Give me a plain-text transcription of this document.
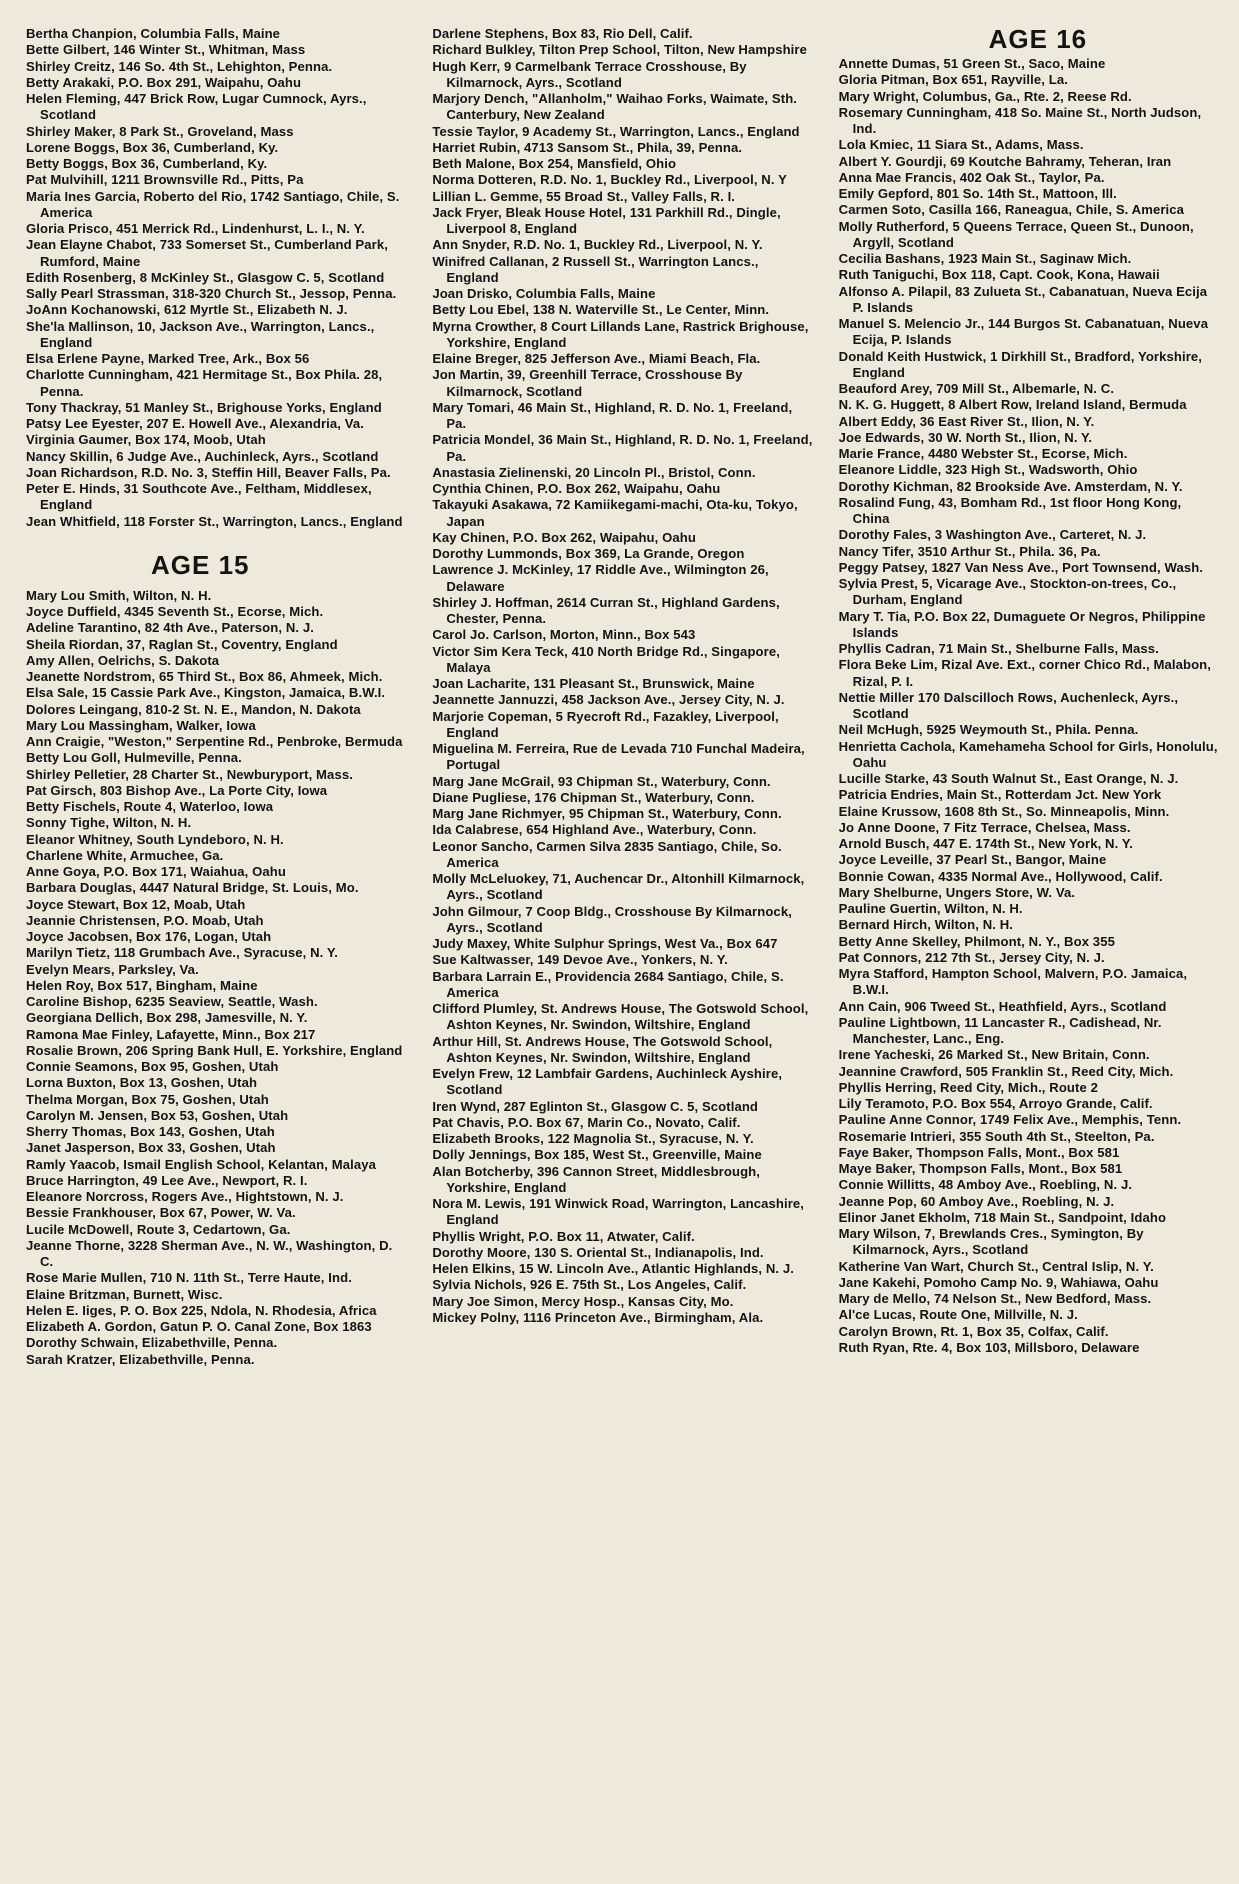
Bertha Chanpion, Columbia Falls, Maine

Bette Gilbert, 146 Winter St., Whitman, Mass

Shirley Creitz, 146 So. 4th St., Lehighton, Penna.

Betty Arakaki, P.O. Box 291, Waipahu, Oahu

Helen Fleming, 447 Brick Row, Lugar Cumnock, Ayrs., Scotland

Shirley Maker, 8 Park St., Groveland, Mass

Lorene Boggs, Box 36, Cumberland, Ky.

Betty Boggs, Box 36, Cumberland, Ky.

Pat Mulvihill, 1211 Brownsville Rd., Pitts, Pa

Maria Ines Garcia, Roberto del Rio, 1742 Santiago, Chile, S. America

Gloria Prisco, 451 Merrick Rd., Lindenhurst, L. I., N. Y.

Jean Elayne Chabot, 733 Somerset St., Cumberland Park, Rumford, Maine

Edith Rosenberg, 8 McKinley St., Glasgow C. 5, Scotland

Sally Pearl Strassman, 318-320 Church St., Jessop, Penna.

JoAnn Kochanowski, 612 Myrtle St., Elizabeth N. J.

She'la Mallinson, 10, Jackson Ave., Warrington, Lancs., England

Elsa Erlene Payne, Marked Tree, Ark., Box 56

Charlotte Cunningham, 421 Hermitage St., Box Phila. 28, Penna.

Tony Thackray, 51 Manley St., Brighouse Yorks, England

Patsy Lee Eyester, 207 E. Howell Ave., Alexandria, Va.

Virginia Gaumer, Box 174, Moob, Utah

Nancy Skillin, 6 Judge Ave., Auchinleck, Ayrs., Scotland

Joan Richardson, R.D. No. 3, Steffin Hill, Beaver Falls, Pa.

Peter E. Hinds, 31 Southcote Ave., Feltham, Middlesex, England

Jean Whitfield, 118 Forster St., Warrington, Lancs., England

AGE 15

Mary Lou Smith, Wilton, N. H.

Joyce Duffield, 4345 Seventh St., Ecorse, Mich.

Adeline Tarantino, 82 4th Ave., Paterson, N. J.

Sheila Riordan, 37, Raglan St., Coventry, England

Amy Allen, Oelrichs, S. Dakota

Jeanette Nordstrom, 65 Third St., Box 86, Ahmeek, Mich.

Elsa Sale, 15 Cassie Park Ave., Kingston, Jamaica, B.W.I.

Dolores Leingang, 810-2 St. N. E., Mandon, N. Dakota

Mary Lou Massingham, Walker, Iowa

Ann Craigie, "Weston," Serpentine Rd., Penbroke, Bermuda

Betty Lou Goll, Hulmeville, Penna.

Shirley Pelletier, 28 Charter St., Newburyport, Mass.

Pat Girsch, 803 Bishop Ave., La Porte City, Iowa

Betty Fischels, Route 4, Waterloo, Iowa

Sonny Tighe, Wilton, N. H.

Eleanor Whitney, South Lyndeboro, N. H.

Charlene White, Armuchee, Ga.

Anne Goya, P.O. Box 171, Waiahua, Oahu

Barbara Douglas, 4447 Natural Bridge, St. Louis, Mo.

Joyce Stewart, Box 12, Moab, Utah

Jeannie Christensen, P.O. Moab, Utah

Joyce Jacobsen, Box 176, Logan, Utah

Marilyn Tietz, 118 Grumbach Ave., Syracuse, N. Y.

Evelyn Mears, Parksley, Va.

Helen Roy, Box 517, Bingham, Maine

Caroline Bishop, 6235 Seaview, Seattle, Wash.

Georgiana Dellich, Box 298, Jamesville, N. Y.

Ramona Mae Finley, Lafayette, Minn., Box 217

Rosalie Brown, 206 Spring Bank Hull, E. Yorkshire, England

Connie Seamons, Box 95, Goshen, Utah

Lorna Buxton, Box 13, Goshen, Utah

Thelma Morgan, Box 75, Goshen, Utah

Carolyn M. Jensen, Box 53, Goshen, Utah

Sherry Thomas, Box 143, Goshen, Utah

Janet Jasperson, Box 33, Goshen, Utah

Ramly Yaacob, Ismail English School, Kelantan, Malaya

Bruce Harrington, 49 Lee Ave., Newport, R. I.

Eleanore Norcross, Rogers Ave., Hightstown, N. J.

Bessie Frankhouser, Box 67, Power, W. Va.

Lucile McDowell, Route 3, Cedartown, Ga.

Jeanne Thorne, 3228 Sherman Ave., N. W., Washington, D. C.

Rose Marie Mullen, 710 N. 11th St., Terre Haute, Ind.

Elaine Britzman, Burnett, Wisc.

Helen E. Iiges, P. O. Box 225, Ndola, N. Rhodesia, Africa

Elizabeth A. Gordon, Gatun P. O. Canal Zone, Box 1863

Dorothy Schwain, Elizabethville, Penna.

Sarah Kratzer, Elizabethville, Penna.

Darlene Stephens, Box 83, Rio Dell, Calif.

Richard Bulkley, Tilton Prep School, Tilton, New Hampshire

Hugh Kerr, 9 Carmelbank Terrace Crosshouse, By Kilmarnock, Ayrs., Scotland

Marjory Dench, "Allanholm," Waihao Forks, Waimate, Sth. Canterbury, New Zealand

Tessie Taylor, 9 Academy St., Warrington, Lancs., England

Harriet Rubin, 4713 Sansom St., Phila, 39, Penna.

Beth Malone, Box 254, Mansfield, Ohio

Norma Dotteren, R.D. No. 1, Buckley Rd., Liverpool, N. Y

Lillian L. Gemme, 55 Broad St., Valley Falls, R. I.

Jack Fryer, Bleak House Hotel, 131 Parkhill Rd., Dingle, Liverpool 8, England

Ann Snyder, R.D. No. 1, Buckley Rd., Liverpool, N. Y.

Winifred Callanan, 2 Russell St., Warrington Lancs., England

Joan Drisko, Columbia Falls, Maine

Betty Lou Ebel, 138 N. Waterville St., Le Center, Minn.

Myrna Crowther, 8 Court Lillands Lane, Rastrick Brighouse, Yorkshire, England

Elaine Breger, 825 Jefferson Ave., Miami Beach, Fla.

Jon Martin, 39, Greenhill Terrace, Crosshouse By Kilmarnock, Scotland

Mary Tomari, 46 Main St., Highland, R. D. No. 1, Freeland, Pa.

Patricia Mondel, 36 Main St., Highland, R. D. No. 1, Freeland, Pa.

Anastasia Zielinenski, 20 Lincoln Pl., Bristol, Conn.

Cynthia Chinen, P.O. Box 262, Waipahu, Oahu

Takayuki Asakawa, 72 Kamiikegami-machi, Ota-ku, Tokyo, Japan

Kay Chinen, P.O. Box 262, Waipahu, Oahu

Dorothy Lummonds, Box 369, La Grande, Oregon

Lawrence J. McKinley, 17 Riddle Ave., Wilmington 26, Delaware

Shirley J. Hoffman, 2614 Curran St., Highland Gardens, Chester, Penna.

Carol Jo. Carlson, Morton, Minn., Box 543

Victor Sim Kera Teck, 410 North Bridge Rd., Singapore, Malaya

Joan Lacharite, 131 Pleasant St., Brunswick, Maine

Jeannette Jannuzzi, 458 Jackson Ave., Jersey City, N. J.

Marjorie Copeman, 5 Ryecroft Rd., Fazakley, Liverpool, England

Miguelina M. Ferreira, Rue de Levada 710 Funchal Madeira, Portugal

Marg Jane McGrail, 93 Chipman St., Waterbury, Conn.

Diane Pugliese, 176 Chipman St., Waterbury, Conn.

Marg Jane Richmyer, 95 Chipman St., Waterbury, Conn.

Ida Calabrese, 654 Highland Ave., Waterbury, Conn.

Leonor Sancho, Carmen Silva 2835 Santiago, Chile, So. America

Molly McLeluokey, 71, Auchencar Dr., Altonhill Kilmarnock, Ayrs., Scotland

John Gilmour, 7 Coop Bldg., Crosshouse By Kilmarnock, Ayrs., Scotland

Judy Maxey, White Sulphur Springs, West Va., Box 647

Sue Kaltwasser, 149 Devoe Ave., Yonkers, N. Y.

Barbara Larrain E., Providencia 2684 Santiago, Chile, S. America

Clifford Plumley, St. Andrews House, The Gotswold School, Ashton Keynes, Nr. Swindon, Wiltshire, England

Arthur Hill, St. Andrews House, The Gotswold School, Ashton Keynes, Nr. Swindon, Wiltshire, England

Evelyn Frew, 12 Lambfair Gardens, Auchinleck Ayshire, Scotland

Iren Wynd, 287 Eglinton St., Glasgow C. 5, Scotland

Pat Chavis, P.O. Box 67, Marin Co., Novato, Calif.

Elizabeth Brooks, 122 Magnolia St., Syracuse, N. Y.

Dolly Jennings, Box 185, West St., Greenville, Maine

Alan Botcherby, 396 Cannon Street, Middlesbrough, Yorkshire, England

Nora M. Lewis, 191 Winwick Road, Warrington, Lancashire, England

Phyllis Wright, P.O. Box 11, Atwater, Calif.

Dorothy Moore, 130 S. Oriental St., Indianapolis, Ind.

Helen Elkins, 15 W. Lincoln Ave., Atlantic Highlands, N. J.

Sylvia Nichols, 926 E. 75th St., Los Angeles, Calif.

Mary Joe Simon, Mercy Hosp., Kansas City, Mo.

Mickey Polny, 1116 Princeton Ave., Birmingham, Ala.

AGE 16

Annette Dumas, 51 Green St., Saco, Maine

Gloria Pitman, Box 651, Rayville, La.

Mary Wright, Columbus, Ga., Rte. 2, Reese Rd.

Rosemary Cunningham, 418 So. Maine St., North Judson, Ind.

Lola Kmiec, 11 Siara St., Adams, Mass.

Albert Y. Gourdji, 69 Koutche Bahramy, Teheran, Iran

Anna Mae Francis, 402 Oak St., Taylor, Pa.

Emily Gepford, 801 So. 14th St., Mattoon, Ill.

Carmen Soto, Casilla 166, Raneagua, Chile, S. America

Molly Rutherford, 5 Queens Terrace, Queen St., Dunoon, Argyll, Scotland

Cecilia Bashans, 1923 Main St., Saginaw Mich.

Ruth Taniguchi, Box 118, Capt. Cook, Kona, Hawaii

Alfonso A. Pilapil, 83 Zulueta St., Cabanatuan, Nueva Ecija P. Islands

Manuel S. Melencio Jr., 144 Burgos St. Cabanatuan, Nueva Ecija, P. Islands

Donald Keith Hustwick, 1 Dirkhill St., Bradford, Yorkshire, England

Beauford Arey, 709 Mill St., Albemarle, N. C.

N. K. G. Huggett, 8 Albert Row, Ireland Island, Bermuda

Albert Eddy, 36 East River St., Ilion, N. Y.

Joe Edwards, 30 W. North St., Ilion, N. Y.

Marie France, 4480 Webster St., Ecorse, Mich.

Eleanore Liddle, 323 High St., Wadsworth, Ohio

Dorothy Kichman, 82 Brookside Ave. Amsterdam, N. Y.

Rosalind Fung, 43, Bomham Rd., 1st floor Hong Kong, China

Dorothy Fales, 3 Washington Ave., Carteret, N. J.

Nancy Tifer, 3510 Arthur St., Phila. 36, Pa.

Peggy Patsey, 1827 Van Ness Ave., Port Townsend, Wash.

Sylvia Prest, 5, Vicarage Ave., Stockton-on-trees, Co., Durham, England

Mary T. Tia, P.O. Box 22, Dumaguete Or Negros, Philippine Islands

Phyllis Cadran, 71 Main St., Shelburne Falls, Mass.

Flora Beke Lim, Rizal Ave. Ext., corner Chico Rd., Malabon, Rizal, P. I.

Nettie Miller 170 Dalscilloch Rows, Auchenleck, Ayrs., Scotland

Neil McHugh, 5925 Weymouth St., Phila. Penna.

Henrietta Cachola, Kamehameha School for Girls, Honolulu, Oahu

Lucille Starke, 43 South Walnut St., East Orange, N. J.

Patricia Endries, Main St., Rotterdam Jct. New York

Elaine Krussow, 1608 8th St., So. Minneapolis, Minn.

Jo Anne Doone, 7 Fitz Terrace, Chelsea, Mass.

Arnold Busch, 447 E. 174th St., New York, N. Y.

Joyce Leveille, 37 Pearl St., Bangor, Maine

Bonnie Cowan, 4335 Normal Ave., Hollywood, Calif.

Mary Shelburne, Ungers Store, W. Va.

Pauline Guertin, Wilton, N. H.

Bernard Hirch, Wilton, N. H.

Betty Anne Skelley, Philmont, N. Y., Box 355

Pat Connors, 212 7th St., Jersey City, N. J.

Myra Stafford, Hampton School, Malvern, P.O. Jamaica, B.W.I.

Ann Cain, 906 Tweed St., Heathfield, Ayrs., Scotland

Pauline Lightbown, 11 Lancaster R., Cadishead, Nr. Manchester, Lanc., Eng.

Irene Yacheski, 26 Marked St., New Britain, Conn.

Jeannine Crawford, 505 Franklin St., Reed City, Mich.

Phyllis Herring, Reed City, Mich., Route 2

Lily Teramoto, P.O. Box 554, Arroyo Grande, Calif.

Pauline Anne Connor, 1749 Felix Ave., Memphis, Tenn.

Rosemarie Intrieri, 355 South 4th St., Steelton, Pa.

Faye Baker, Thompson Falls, Mont., Box 581

Maye Baker, Thompson Falls, Mont., Box 581

Connie Willitts, 48 Amboy Ave., Roebling, N. J.

Jeanne Pop, 60 Amboy Ave., Roebling, N. J.

Elinor Janet Ekholm, 718 Main St., Sandpoint, Idaho

Mary Wilson, 7, Brewlands Cres., Symington, By Kilmarnock, Ayrs., Scotland

Katherine Van Wart, Church St., Central Islip, N. Y.

Jane Kakehi, Pomoho Camp No. 9, Wahiawa, Oahu

Mary de Mello, 74 Nelson St., New Bedford, Mass.

Al'ce Lucas, Route One, Millville, N. J.

Carolyn Brown, Rt. 1, Box 35, Colfax, Calif.

Ruth Ryan, Rte. 4, Box 103, Millsboro, Delaware
